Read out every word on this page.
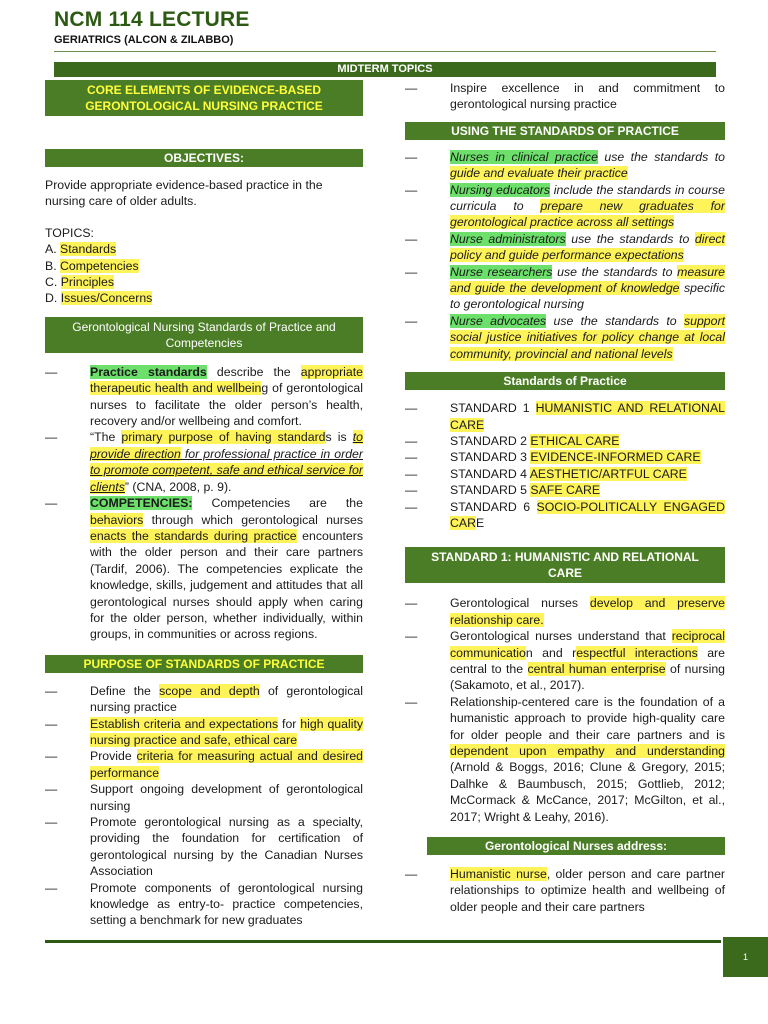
NCM 114 LECTURE
GERIATRICS (ALCON & ZILABBO)
MIDTERM TOPICS
CORE ELEMENTS OF EVIDENCE-BASED GERONTOLOGICAL NURSING PRACTICE
OBJECTIVES:

Provide appropriate evidence-based practice in the nursing care of older adults.

TOPICS:

A. Standards
B. Competencies
C. Principles
D. Issues/Concerns
Gerontological Nursing Standards of Practice and Competencies
— Practice standards describe the appropriate therapeutic health and wellbeing of gerontological nurses to facilitate the older person’s health, recovery and/or wellbeing and comfort.
— “The primary purpose of having standards is to provide direction for professional practice in order to promote competent, safe and ethical service for clients” (CNA, 2008, p. 9).
— COMPETENCIES: Competencies are the behaviors through which gerontological nurses enacts the standards during practice encounters with the older person and their care partners (Tardif, 2006). The competencies explicate the knowledge, skills, judgement and attitudes that all gerontological nurses should apply when caring for the older person, whether individually, within groups, in communities or across regions.
PURPOSE OF STANDARDS OF PRACTICE
— Define the scope and depth of gerontological nursing practice
— Establish criteria and expectations for high quality nursing practice and safe, ethical care
— Provide criteria for measuring actual and desired performance
— Support ongoing development of gerontological nursing
— Promote gerontological nursing as a specialty, providing the foundation for certification of gerontological nursing by the Canadian Nurses Association
— Promote components of gerontological nursing knowledge as entry-to- practice competencies, setting a benchmark for new graduates
— Inspire excellence in and commitment to gerontological nursing practice
USING THE STANDARDS OF PRACTICE
— Nurses in clinical practice use the standards to guide and evaluate their practice
— Nursing educators include the standards in course curricula to prepare new graduates for gerontological practice across all settings
— Nurse administrators use the standards to direct policy and guide performance expectations
— Nurse researchers use the standards to measure and guide the development of knowledge specific to gerontological nursing
— Nurse advocates use the standards to support social justice initiatives for policy change at local community, provincial and national levels
Standards of Practice
— STANDARD 1 HUMANISTIC AND RELATIONAL CARE
— STANDARD 2 ETHICAL CARE
— STANDARD 3 EVIDENCE-INFORMED CARE
— STANDARD 4 AESTHETIC/ARTFUL CARE
— STANDARD 5 SAFE CARE
— STANDARD 6 SOCIO-POLITICALLY ENGAGED CARE
STANDARD 1: HUMANISTIC AND RELATIONAL CARE
— Gerontological nurses develop and preserve relationship care.
— Gerontological nurses understand that reciprocal communication and respectful interactions are central to the central human enterprise of nursing (Sakamoto, et al., 2017).
— Relationship-centered care is the foundation of a humanistic approach to provide high-quality care for older people and their care partners and is dependent upon empathy and understanding (Arnold & Boggs, 2016; Clune & Gregory, 2015; Dalhke & Baumbusch, 2015; Gottlieb, 2012; McCormack & McCance, 2017; McGilton, et al., 2017; Wright & Leahy, 2016).
Gerontological Nurses address:
— Humanistic nurse, older person and care partner relationships to optimize health and wellbeing of older people and their care partners
1
